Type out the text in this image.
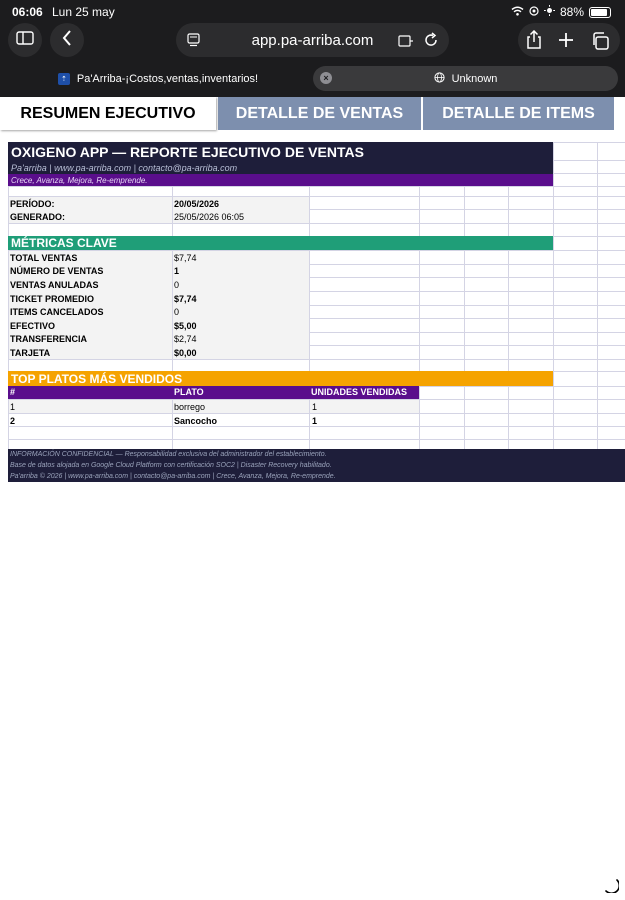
06:06 Lun 25 may	88%
app.pa-arriba.com
⇡ Pa'Arriba-¡Costos,ventas,inventarios!	×	Unknown
RESUMEN EJECUTIVO	DETALLE DE VENTAS	DETALLE DE ITEMS
OXIGENO APP — REPORTE EJECUTIVO DE VENTAS
Pa'arriba | www.pa-arriba.com | contacto@pa-arriba.com
Crece, Avanza, Mejora, Re-emprende.
PERÍODO:	20/05/2026
GENERADO:	25/05/2026 06:05
MÉTRICAS CLAVE
TOTAL VENTAS	$7,74
NÚMERO DE VENTAS	1
VENTAS ANULADAS	0
TICKET PROMEDIO	$7,74
ITEMS CANCELADOS	0
EFECTIVO	$5,00
TRANSFERENCIA	$2,74
TARJETA	$0,00
TOP PLATOS MÁS VENDIDOS
#	PLATO	UNIDADES VENDIDAS
1	borrego	1
2	Sancocho	1
INFORMACIÓN CONFIDENCIAL — Responsabilidad exclusiva del administrador del establecimiento.
Base de datos alojada en Google Cloud Platform con certificación SOC2 | Disaster Recovery habilitado.
Pa'arriba © 2026 | www.pa-arriba.com | contacto@pa-arriba.com | Crece, Avanza, Mejora, Re-emprende.
